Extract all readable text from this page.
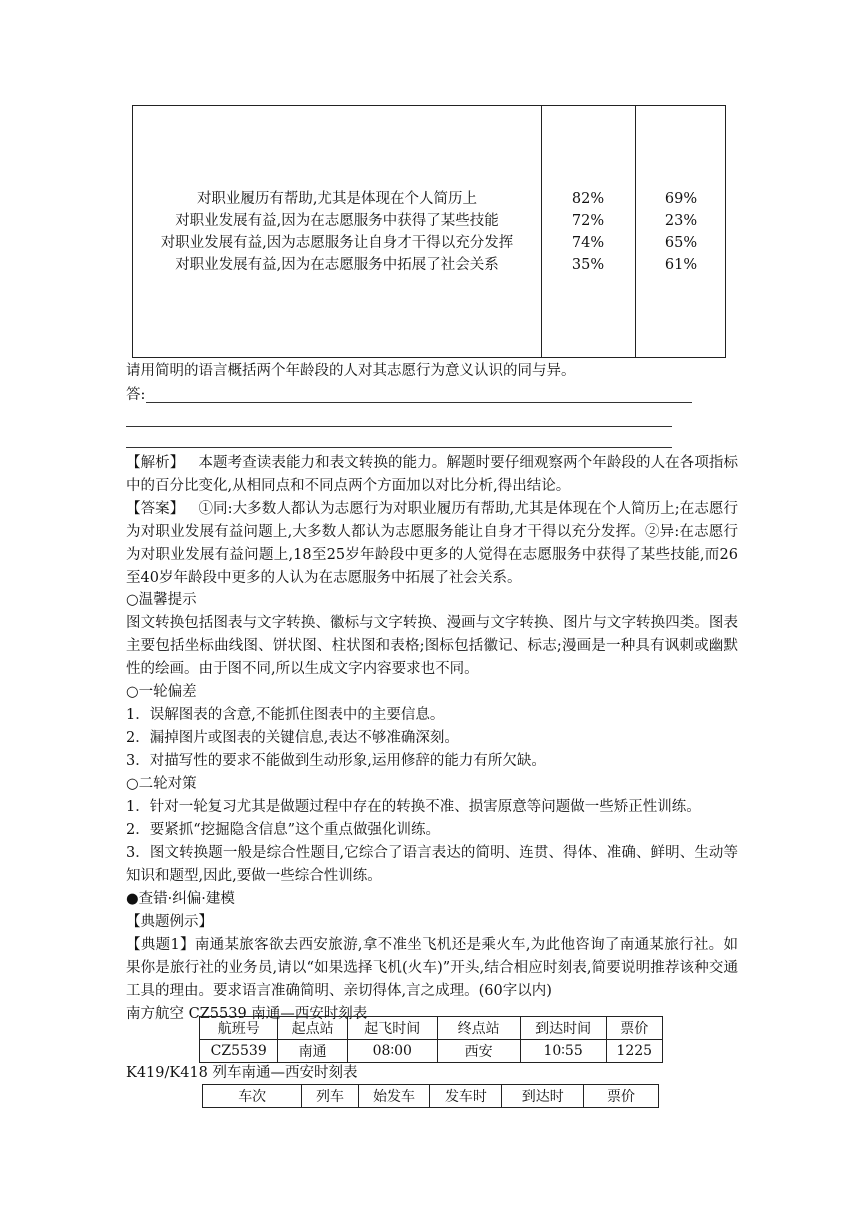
对职业履历有帮助,尤其是体现在个人简历上	82%	69%
对职业发展有益,因为在志愿服务中获得了某些技能	72%	23%
对职业发展有益,因为志愿服务让自身才干得以充分发挥	74%	65%
对职业发展有益,因为在志愿服务中拓展了社会关系	35%	61%
请用简明的语言概括两个年龄段的人对其志愿行为意义认识的同与异。
答:

【解析】 本题考查读表能力和表文转换的能力。解题时要仔细观察两个年龄段的人在各项指标中的百分比变化,从相同点和不同点两个方面加以对比分析,得出结论。

【答案】 ①同:大多数人都认为志愿行为对职业履历有帮助,尤其是体现在个人简历上;在志愿行为对职业发展有益问题上,大多数人都认为志愿服务能让自身才干得以充分发挥。②异:在志愿行为对职业发展有益问题上,18至25岁年龄段中更多的人觉得在志愿服务中获得了某些技能,而26至40岁年龄段中更多的人认为在志愿服务中拓展了社会关系。

○温馨提示
图文转换包括图表与文字转换、徽标与文字转换、漫画与文字转换、图片与文字转换四类。图表主要包括坐标曲线图、饼状图、柱状图和表格;图标包括徽记、标志;漫画是一种具有讽刺或幽默性的绘画。由于图不同,所以生成文字内容要求也不同。
○一轮偏差
1．误解图表的含意,不能抓住图表中的主要信息。
2．漏掉图片或图表的关键信息,表达不够准确深刻。
3．对描写性的要求不能做到生动形象,运用修辞的能力有所欠缺。
○二轮对策
1．针对一轮复习尤其是做题过程中存在的转换不准、损害原意等问题做一些矫正性训练。
2．要紧抓“挖掘隐含信息”这个重点做强化训练。
3．图文转换题一般是综合性题目,它综合了语言表达的简明、连贯、得体、准确、鲜明、生动等知识和题型,因此,要做一些综合性训练。
●查错·纠偏·建模
【典题例示】

【典题1】南通某旅客欲去西安旅游,拿不准坐飞机还是乘火车,为此他咨询了南通某旅行社。如果你是旅行社的业务员,请以“如果选择飞机(火车)”开头,结合相应时刻表,简要说明推荐该种交通工具的理由。要求语言准确简明、亲切得体,言之成理。(60字以内)

南方航空 CZ5539 南通—西安时刻表
航班号	起点站	起飞时间	终点站	到达时间	票价
CZ5539	南通	08∶00	西安	10∶55	1225
K419/K418 列车南通—西安时刻表
车次	列车	始发车	发车时	到达时	票价
